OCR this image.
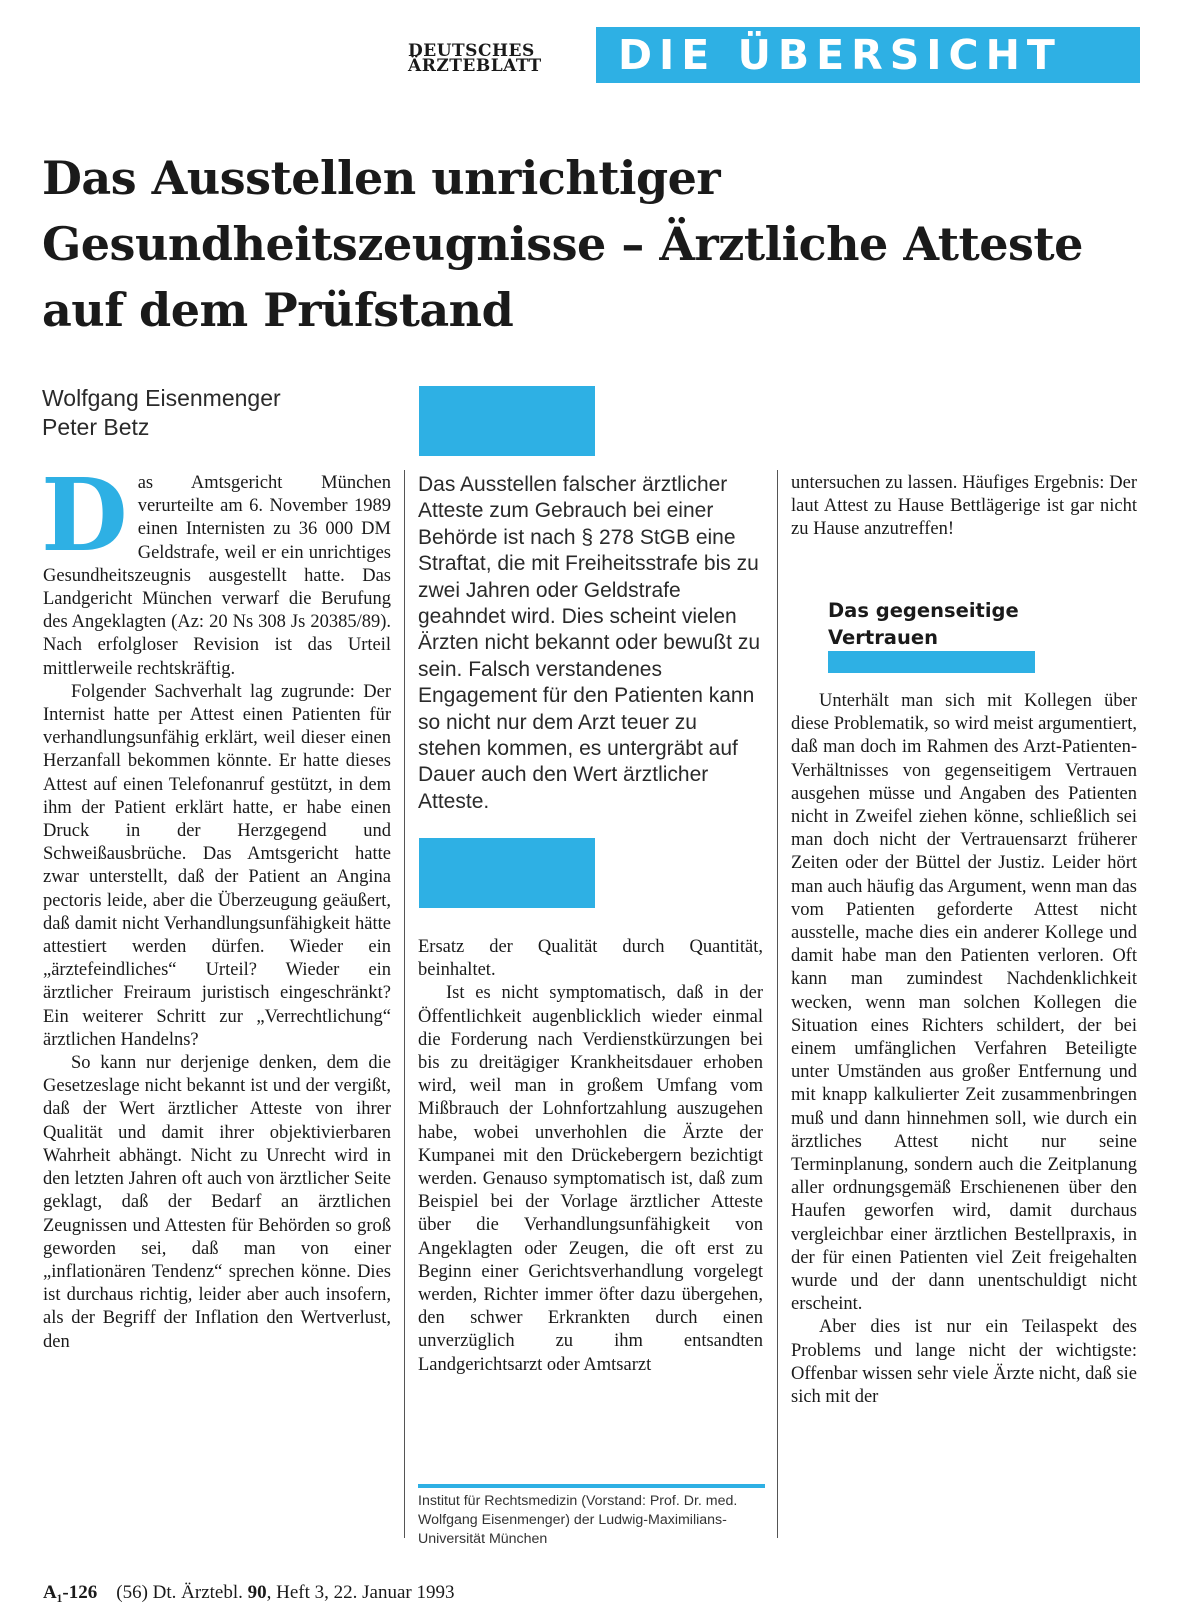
DEUTSCHES
ÄRZTEBLATT	DIE ÜBERSICHT
Das Ausstellen unrichtiger Gesundheitszeugnisse – Ärztliche Atteste auf dem Prüfstand
Wolfgang Eisenmenger
Peter Betz

Das Amtsgericht München verurteilte am 6. November 1989 einen Internisten zu 36 000 DM Geldstrafe, weil er ein unrichtiges Gesundheitszeugnis ausgestellt hatte. Das Landgericht München verwarf die Berufung des Angeklagten (Az: 20 Ns 308 Js 20385/89). Nach erfolgloser Revision ist das Urteil mittlerweile rechtskräftig.

Folgender Sachverhalt lag zugrunde: Der Internist hatte per Attest einen Patienten für verhandlungsunfähig erklärt, weil dieser einen Herzanfall bekommen könnte. Er hatte dieses Attest auf einen Telefonanruf gestützt, in dem ihm der Patient erklärt hatte, er habe einen Druck in der Herzgegend und Schweißausbrüche. Das Amtsgericht hatte zwar unterstellt, daß der Patient an Angina pectoris leide, aber die Überzeugung geäußert, daß damit nicht Verhandlungsunfähigkeit hätte attestiert werden dürfen. Wieder ein „ärztefeindliches“ Urteil? Wieder ein ärztlicher Freiraum juristisch eingeschränkt? Ein weiterer Schritt zur „Verrechtlichung“ ärztlichen Handelns?

So kann nur derjenige denken, dem die Gesetzeslage nicht bekannt ist und der vergißt, daß der Wert ärztlicher Atteste von ihrer Qualität und damit ihrer objektivierbaren Wahrheit abhängt. Nicht zu Unrecht wird in den letzten Jahren oft auch von ärztlicher Seite geklagt, daß der Bedarf an ärztlichen Zeugnissen und Attesten für Behörden so groß geworden sei, daß man von einer „inflationären Tendenz“ sprechen könne. Dies ist durchaus richtig, leider aber auch insofern, als der Begriff der Inflation den Wertverlust, den

Das Ausstellen falscher ärztlicher Atteste zum Gebrauch bei einer Behörde ist nach § 278 StGB eine Straftat, die mit Freiheitsstrafe bis zu zwei Jahren oder Geldstrafe geahndet wird. Dies scheint vielen Ärzten nicht bekannt oder bewußt zu sein. Falsch verstandenes Engagement für den Patienten kann so nicht nur dem Arzt teuer zu stehen kommen, es untergräbt auf Dauer auch den Wert ärztlicher Atteste.

Ersatz der Qualität durch Quantität, beinhaltet.

Ist es nicht symptomatisch, daß in der Öffentlichkeit augenblicklich wieder einmal die Forderung nach Verdienstkürzungen bei bis zu dreitägiger Krankheitsdauer erhoben wird, weil man in großem Umfang vom Mißbrauch der Lohnfortzahlung auszugehen habe, wobei unverhohlen die Ärzte der Kumpanei mit den Drückebergern bezichtigt werden. Genauso symptomatisch ist, daß zum Beispiel bei der Vorlage ärztlicher Atteste über die Verhandlungsunfähigkeit von Angeklagten oder Zeugen, die oft erst zu Beginn einer Gerichtsverhandlung vorgelegt werden, Richter immer öfter dazu übergehen, den schwer Erkrankten durch einen unverzüglich zu ihm entsandten Landgerichtsarzt oder Amtsarzt

untersuchen zu lassen. Häufiges Ergebnis: Der laut Attest zu Hause Bettlägerige ist gar nicht zu Hause anzutreffen!

Das gegenseitige Vertrauen

Unterhält man sich mit Kollegen über diese Problematik, so wird meist argumentiert, daß man doch im Rahmen des Arzt-Patienten-Verhältnisses von gegenseitigem Vertrauen ausgehen müsse und Angaben des Patienten nicht in Zweifel ziehen könne, schließlich sei man doch nicht der Vertrauensarzt früherer Zeiten oder der Büttel der Justiz. Leider hört man auch häufig das Argument, wenn man das vom Patienten geforderte Attest nicht ausstelle, mache dies ein anderer Kollege und damit habe man den Patienten verloren. Oft kann man zumindest Nachdenklichkeit wecken, wenn man solchen Kollegen die Situation eines Richters schildert, der bei einem umfänglichen Verfahren Beteiligte unter Umständen aus großer Entfernung und mit knapp kalkulierter Zeit zusammenbringen muß und dann hinnehmen soll, wie durch ein ärztliches Attest nicht nur seine Terminplanung, sondern auch die Zeitplanung aller ordnungsgemäß Erschienenen über den Haufen geworfen wird, damit durchaus vergleichbar einer ärztlichen Bestellpraxis, in der für einen Patienten viel Zeit freigehalten wurde und der dann unentschuldigt nicht erscheint.

Aber dies ist nur ein Teilaspekt des Problems und lange nicht der wichtigste: Offenbar wissen sehr viele Ärzte nicht, daß sie sich mit der

Institut für Rechtsmedizin (Vorstand: Prof. Dr. med. Wolfgang Eisenmenger) der Ludwig-Maximilians-Universität München
A₁-126 (56) Dt. Ärztebl. 90, Heft 3, 22. Januar 1993
